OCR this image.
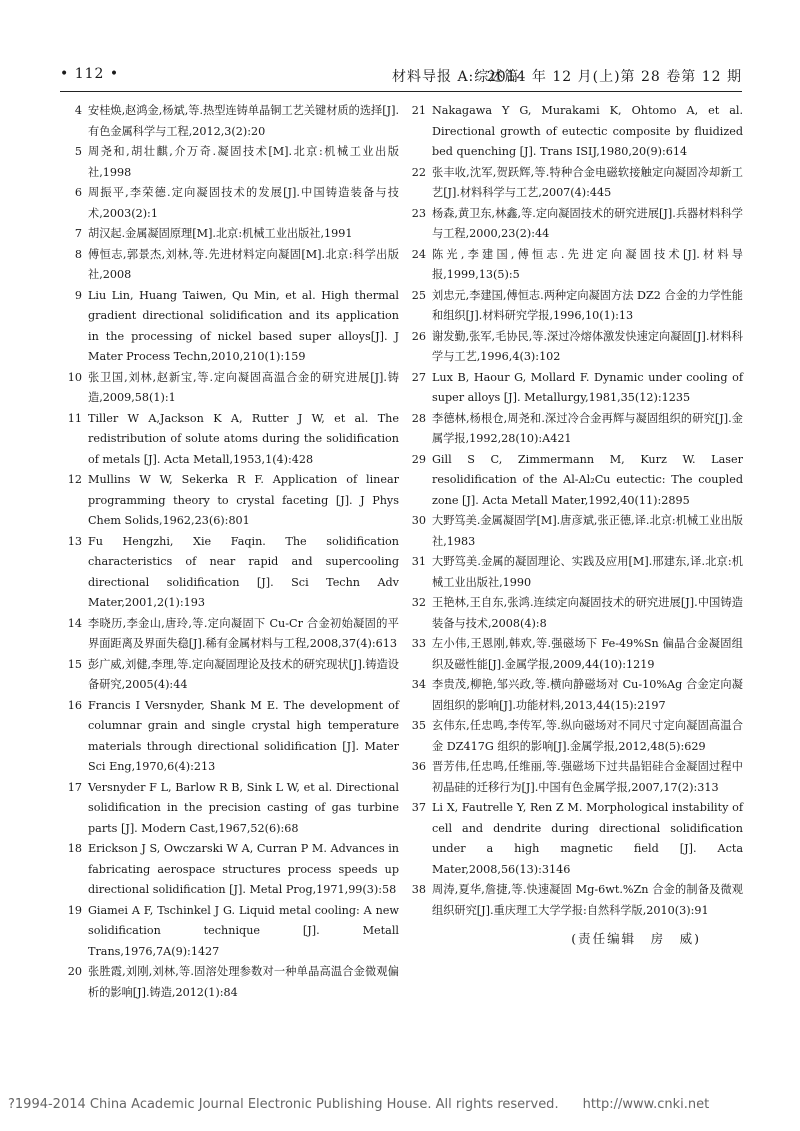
• 112 •	材料导报 A:综述篇
2014 年 12 月(上)第 28 卷第 12 期
4 安桂焕,赵鸿金,杨斌,等.热型连铸单晶铜工艺关键材质的选择[J].有色金属科学与工程,2012,3(2):20
5 周尧和,胡壮麒,介万奇.凝固技术[M].北京:机械工业出版社,1998
6 周振平,李荣德.定向凝固技术的发展[J].中国铸造装备与技术,2003(2):1
7 胡汉起.金属凝固原理[M].北京:机械工业出版社,1991
8 傅恒志,郭景杰,刘林,等.先进材料定向凝固[M].北京:科学出版社,2008
9 Liu Lin, Huang Taiwen, Qu Min, et al. High thermal gradient directional solidification and its application in the processing of nickel based super alloys[J]. J Mater Process Techn,2010,210(1):159
10 张卫国,刘林,赵新宝,等.定向凝固高温合金的研究进展[J].铸造,2009,58(1):1
11 Tiller W A,Jackson K A, Rutter J W, et al. The redistribution of solute atoms during the solidification of metals [J]. Acta Metall,1953,1(4):428
12 Mullins W W, Sekerka R F. Application of linear programming theory to crystal faceting [J]. J Phys Chem Solids,1962,23(6):801
13 Fu Hengzhi, Xie Faqin. The solidification characteristics of near rapid and supercooling directional solidification [J]. Sci Techn Adv Mater,2001,2(1):193
14 李晓历,李金山,唐玲,等.定向凝固下 Cu-Cr 合金初始凝固的平界面距离及界面失稳[J].稀有金属材料与工程,2008,37(4):613
15 彭广威,刘健,李理,等.定向凝固理论及技术的研究现状[J].铸造设备研究,2005(4):44
16 Francis I Versnyder, Shank M E. The development of columnar grain and single crystal high temperature materials through directional solidification [J]. Mater Sci Eng,1970,6(4):213
17 Versnyder F L, Barlow R B, Sink L W, et al. Directional solidification in the precision casting of gas turbine parts [J]. Modern Cast,1967,52(6):68
18 Erickson J S, Owczarski W A, Curran P M. Advances in fabricating aerospace structures process speeds up directional solidification [J]. Metal Prog,1971,99(3):58
19 Giamei A F, Tschinkel J G. Liquid metal cooling: A new solidification technique [J]. Metall Trans,1976,7A(9):1427
20 张胜霞,刘刚,刘林,等.固溶处理参数对一种单晶高温合金微观偏析的影响[J].铸造,2012(1):84
21 Nakagawa Y G, Murakami K, Ohtomo A, et al. Directional growth of eutectic composite by fluidized bed quenching [J]. Trans ISIJ,1980,20(9):614
22 张丰收,沈军,贺跃辉,等.特种合金电磁软接触定向凝固冷却新工艺[J].材料科学与工艺,2007(4):445
23 杨森,黄卫东,林鑫,等.定向凝固技术的研究进展[J].兵器材料科学与工程,2000,23(2):44
24 陈光,李建国,傅恒志.先进定向凝固技术[J].材料导报,1999,13(5):5
25 刘忠元,李建国,傅恒志.两种定向凝固方法 DZ2 合金的力学性能和组织[J].材料研究学报,1996,10(1):13
26 谢发勤,张军,毛协民,等.深过冷熔体激发快速定向凝固[J].材料科学与工艺,1996,4(3):102
27 Lux B, Haour G, Mollard F. Dynamic under cooling of super alloys [J]. Metallurgy,1981,35(12):1235
28 李德林,杨根仓,周尧和.深过冷合金再辉与凝固组织的研究[J].金属学报,1992,28(10):A421
29 Gill S C, Zimmermann M, Kurz W. Laser resolidification of the Al-Al₂Cu eutectic: The coupled zone [J]. Acta Metall Mater,1992,40(11):2895
30 大野笃美.金属凝固学[M].唐彦斌,张正德,译.北京:机械工业出版社,1983
31 大野笃美.金属的凝固理论、实践及应用[M].邢建东,译.北京:机械工业出版社,1990
32 王艳林,王自东,张鸿.连续定向凝固技术的研究进展[J].中国铸造装备与技术,2008(4):8
33 左小伟,王恩刚,韩欢,等.强磁场下 Fe-49%Sn 偏晶合金凝固组织及磁性能[J].金属学报,2009,44(10):1219
34 李贵茂,柳艳,邹兴政,等.横向静磁场对 Cu-10%Ag 合金定向凝固组织的影响[J].功能材料,2013,44(15):2197
35 玄伟东,任忠鸣,李传军,等.纵向磁场对不同尺寸定向凝固高温合金 DZ417G 组织的影响[J].金属学报,2012,48(5):629
36 晋芳伟,任忠鸣,任维丽,等.强磁场下过共晶铝硅合金凝固过程中初晶硅的迁移行为[J].中国有色金属学报,2007,17(2):313
37 Li X, Fautrelle Y, Ren Z M. Morphological instability of cell and dendrite during directional solidification under a high magnetic field [J]. Acta Mater,2008,56(13):3146
38 周涛,夏华,詹捷,等.快速凝固 Mg-6wt.%Zn 合金的制备及微观组织研究[J].重庆理工大学学报:自然科学版,2010(3):91
(责任编辑　房　威)
?1994-2014 China Academic Journal Electronic Publishing House. All rights reserved. http://www.cnki.net
